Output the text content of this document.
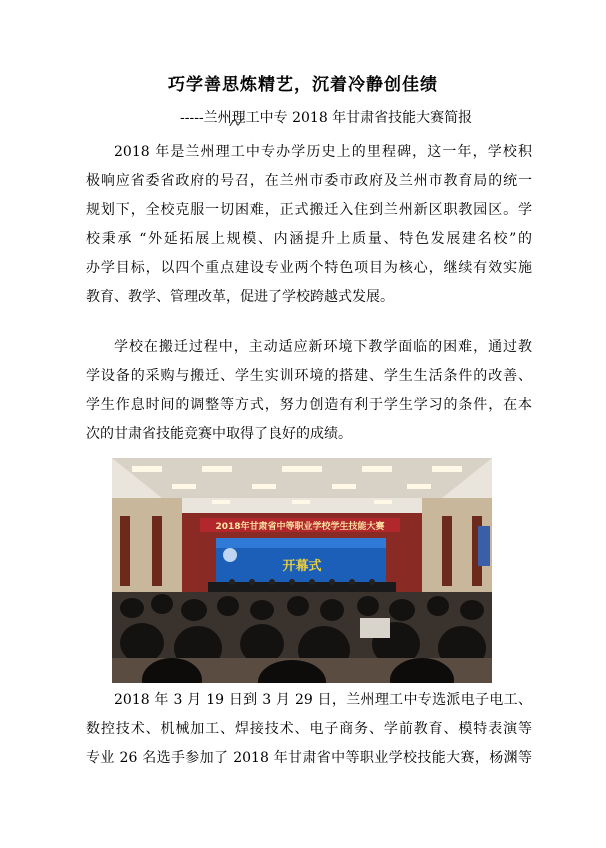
巧学善思炼精艺，沉着冷静创佳绩
-----兰州理工中专 2018 年甘肃省技能大赛简报
2018 年是兰州理工中专办学历史上的里程碑，这一年，学校积
极响应省委省政府的号召，在兰州市委市政府及兰州市教育局的统一
规划下，全校克服一切困难，正式搬迁入住到兰州新区职教园区。学
校秉承 “外延拓展上规模、内涵提升上质量、特色发展建名校”的
办学目标，以四个重点建设专业两个特色项目为核心，继续有效实施
教育、教学、管理改革，促进了学校跨越式发展。
学校在搬迁过程中，主动适应新环境下教学面临的困难，通过教
学设备的采购与搬迁、学生实训环境的搭建、学生生活条件的改善、
学生作息时间的调整等方式，努力创造有利于学生学习的条件，在本
次的甘肃省技能竞赛中取得了良好的成绩。
2018年甘肃省中等职业学校学生技能大赛
开幕式
2018 年 3 月 19 日到 3 月 29 日，兰州理工中专选派电子电工、
数控技术、机械加工、焊接技术、电子商务、学前教育、模特表演等
专业 26 名选手参加了 2018 年甘肃省中等职业学校技能大赛，杨渊等
